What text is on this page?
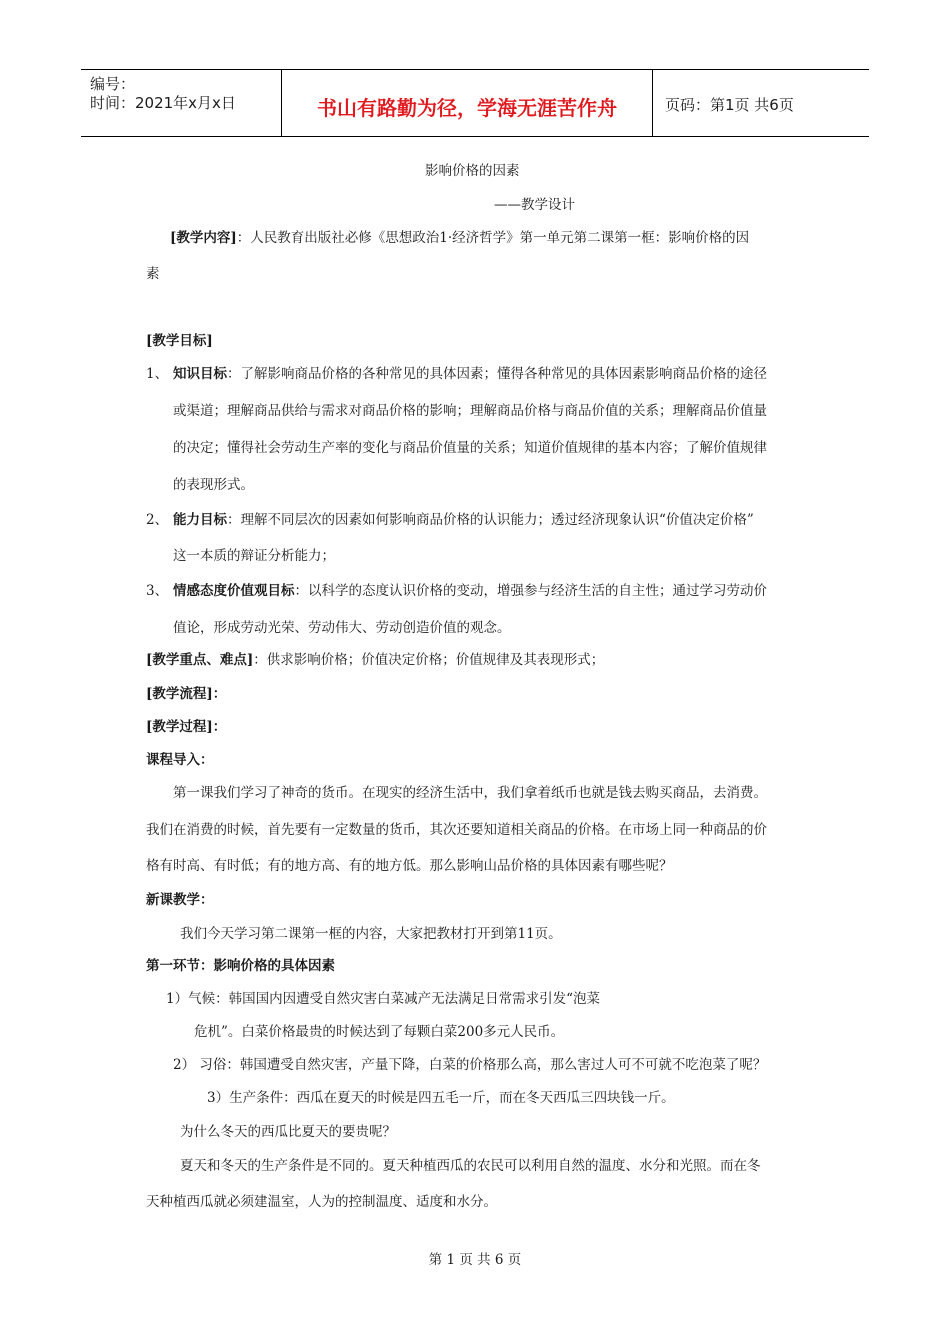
编号：
时间：2021年x月x日	书山有路勤为径，学海无涯苦作舟	页码：第1页 共6页
影响价格的因素
——教学设计
[教学内容]：人民教育出版社必修《思想政治1·经济哲学》第一单元第二课第一框：影响价格的因
素
[教学目标]
1、 知识目标：了解影响商品价格的各种常见的具体因素；懂得各种常见的具体因素影响商品价格的途径
或渠道；理解商品供给与需求对商品价格的影响；理解商品价格与商品价值的关系；理解商品价值量
的决定；懂得社会劳动生产率的变化与商品价值量的关系；知道价值规律的基本内容；了解价值规律
的表现形式。
2、 能力目标：理解不同层次的因素如何影响商品价格的认识能力；透过经济现象认识“价值决定价格”
这一本质的辩证分析能力；
3、 情感态度价值观目标：以科学的态度认识价格的变动，增强参与经济生活的自主性；通过学习劳动价
值论，形成劳动光荣、劳动伟大、劳动创造价值的观念。
[教学重点、难点]：供求影响价格；价值决定价格；价值规律及其表现形式；
[教学流程]：
[教学过程]：
课程导入：
第一课我们学习了神奇的货币。在现实的经济生活中，我们拿着纸币也就是钱去购买商品，去消费。
我们在消费的时候，首先要有一定数量的货币，其次还要知道相关商品的价格。在市场上同一种商品的价
格有时高、有时低；有的地方高、有的地方低。那么影响山品价格的具体因素有哪些呢？
新课教学：
我们今天学习第二课第一框的内容，大家把教材打开到第11页。
第一环节：影响价格的具体因素
1）气候：韩国国内因遭受自然灾害白菜减产无法满足日常需求引发“泡菜
危机”。白菜价格最贵的时候达到了每颗白菜200多元人民币。
2） 习俗：韩国遭受自然灾害，产量下降，白菜的价格那么高，那么害过人可不可就不吃泡菜了呢？
3）生产条件：西瓜在夏天的时候是四五毛一斤，而在冬天西瓜三四块钱一斤。
为什么冬天的西瓜比夏天的要贵呢？
夏天和冬天的生产条件是不同的。夏天种植西瓜的农民可以利用自然的温度、水分和光照。而在冬
天种植西瓜就必须建温室，人为的控制温度、适度和水分。
第 1 页 共 6 页
